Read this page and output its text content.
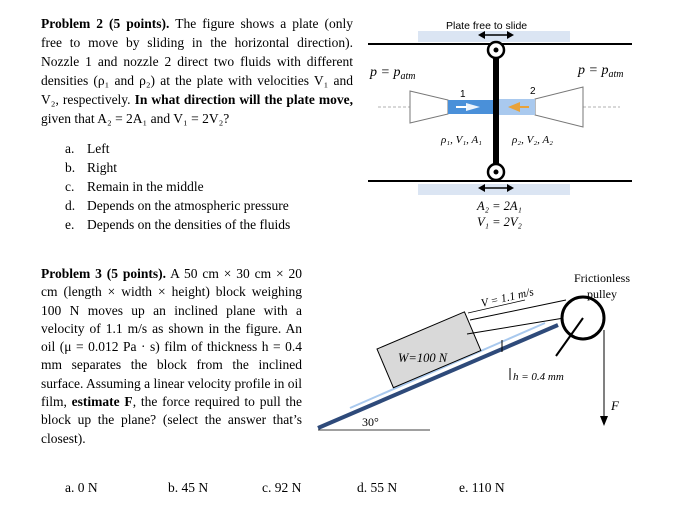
Problem 2 (5 points). The figure shows a plate (only free to move by sliding in the horizontal direction). Nozzle 1 and nozzle 2 direct two fluids with different densities (ρ₁ and ρ₂) at the plate with velocities V₁ and V₂, respectively. In what direction will the plate move, given that A₂ = 2A₁ and V₁ = 2V₂?
a. Left
b. Right
c. Remain in the middle
d. Depends on the atmospheric pressure
e. Depends on the densities of the fluids
1	2
Plate free to slide
$p = p_{atm}$	$p = p_{atm}$
ρ₁, V₁, A₁	ρ₂, V₂, A₂
A₂ = 2A₁
V₁ = 2V₂
Problem 3 (5 points). A 50 cm × 30 cm × 20 cm (length × width × height) block weighing 100 N moves up an inclined plane with a velocity of 1.1 m/s as shown in the figure. An oil (μ = 0.012 Pa · s) film of thickness h = 0.4 mm separates the block from the inclined surface. Assuming a linear velocity profile in oil film, estimate F, the force required to pull the block up the plane? (select the answer that’s closest).
W=100 N
V = 1.1 m/s
h = 0.4 mm
Frictionless
pulley
F
30°
a. 0 N	b. 45 N	c. 92 N	d. 55 N	e. 110 N
